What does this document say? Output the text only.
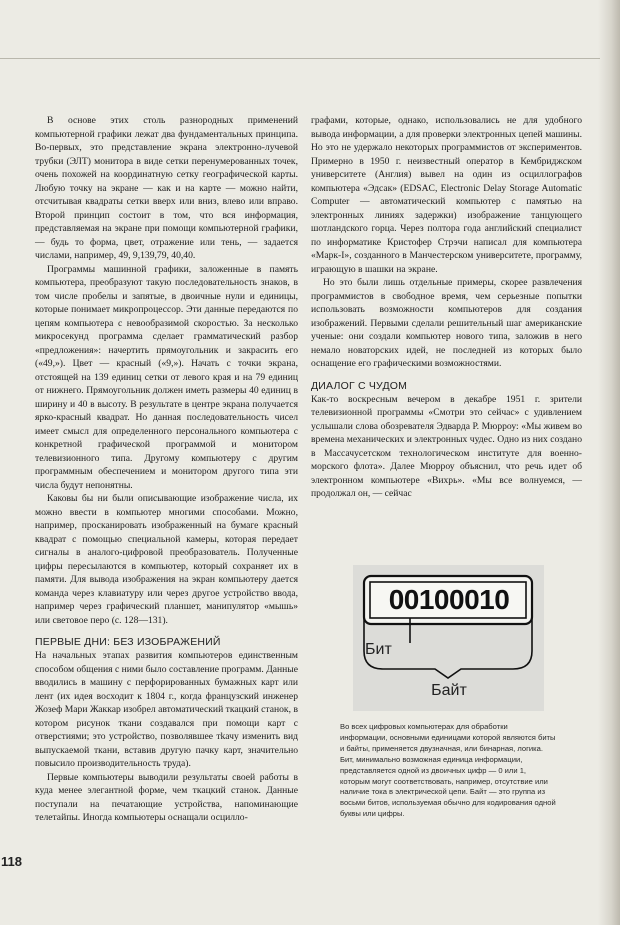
В основе этих столь разнородных применений компьютерной графики лежат два фундаментальных принципа. Во-первых, это представление экрана электронно-лучевой трубки (ЭЛТ) монитора в виде сетки перенумерованных точек, очень похожей на координатную сетку географической карты. Любую точку на экране — как и на карте — можно найти, отсчитывая квадраты сетки вверх или вниз, влево или вправо. Второй принцип состоит в том, что вся информация, представляемая на экране при помощи компьютерной графики, — будь то форма, цвет, отражение или тень, — задается числами, например, 49, 9,139,79, 40,40.

Программы машинной графики, заложенные в память компьютера, преобразуют такую последовательность знаков, в том числе пробелы и запятые, в двоичные нули и единицы, которые понимает микропроцессор. Эти данные передаются по цепям компьютера с невообразимой скоростью. За несколько микросекунд программа сделает грамматический разбор «предложения»: начертить прямоугольник и закрасить его («49,»). Цвет — красный («9,»). Начать с точки экрана, отстоящей на 139 единиц сетки от левого края и на 79 единиц от нижнего. Прямоугольник должен иметь размеры 40 единиц в ширину и 40 в высоту. В результате в центре экрана получается ярко-красный квадрат. Но данная последовательность чисел имеет смысл для определенного персонального компьютера с конкретной графической программой и монитором телевизионного типа. Другому компьютеру с другим программным обеспечением и монитором другого типа эти числа будут непонятны.

Каковы бы ни были описывающие изображение числа, их можно ввести в компьютер многими способами. Можно, например, просканировать изображенный на бумаге красный квадрат с помощью специальной камеры, которая передает сигналы в аналого-цифровой преобразователь. Полученные цифры пересылаются в компьютер, который сохраняет их в памяти. Для вывода изображения на экран компьютеру дается команда через клавиатуру или через другое устройство ввода, например через графический планшет, манипулятор «мышь» или световое перо (с. 128—131).

ПЕРВЫЕ ДНИ: БЕЗ ИЗОБРАЖЕНИЙ

На начальных этапах развития компьютеров единственным способом общения с ними было составление программ. Данные вводились в машину с перфорированных бумажных карт или лент (их идея восходит к 1804 г., когда французский инженер Жозеф Мари Жаккар изобрел автоматический ткацкий станок, в котором рисунок ткани создавался при помощи карт с отверстиями; это устройство, позволявшее тkачу изменить вид выпускаемой ткани, вставив другую пачку карт, значительно повысило производительность труда).

Первые компьютеры выводили результаты своей работы в куда менее элегантной форме, чем ткацкий станок. Данные поступали на печатающие устройства, напоминающие телетайпы. Иногда компьютеры оснащали осцилло-

графами, которые, однако, использовались не для удобного вывода информации, а для проверки электронных цепей машины. Но это не удержало некоторых программистов от экспериментов. Примерно в 1950 г. неизвестный оператор в Кембриджском университете (Англия) вывел на один из осциллографов компьютера «Эдсак» (EDSAC, Electronic Delay Storage Automatic Computer — автоматический компьютер с памятью на электронных линиях задержки) изображение танцующего шотландского горца. Через полтора года английский специалист по информатике Кристофер Стрэчи написал для компьютера «Марк-I», созданного в Манчестерском университете, программу, играющую в шашки на экране.

Но это были лишь отдельные примеры, скорее развлечения программистов в свободное время, чем серьезные попытки использовать возможности компьютеров для создания изображений. Первыми сделали решительный шаг американские ученые: они создали компьютер нового типа, заложив в него немало новаторских идей, не последней из которых было оснащение его графическими возможностями.

ДИАЛОГ С ЧУДОМ

Как-то воскресным вечером в декабре 1951 г. зрители телевизионной программы «Смотри это сейчас» с удивлением услышали слова обозревателя Эдварда Р. Мюрроу: «Мы живем во времена механических и электронных чудес. Одно из них создано в Массачусетском технологическом институте для военно-морского флота». Далее Мюрроу объяснил, что речь идет об электронном компьютере «Вихрь». «Мы все волнуемся, — продолжал он, — сейчас

00100010
Бит
Байт
Во всех цифровых компьютерах для обработки информации, основными единицами которой являются биты и байты, применяется двузначная, или бинарная, логика. Бит, минимально возможная единица информации, представляется одной из двоичных цифр — 0 или 1, которым могут соответствовать, например, отсутствие или наличие тока в электрической цепи. Байт — это группа из восьми битов, используемая обычно для кодирования одной буквы или цифры.
118
